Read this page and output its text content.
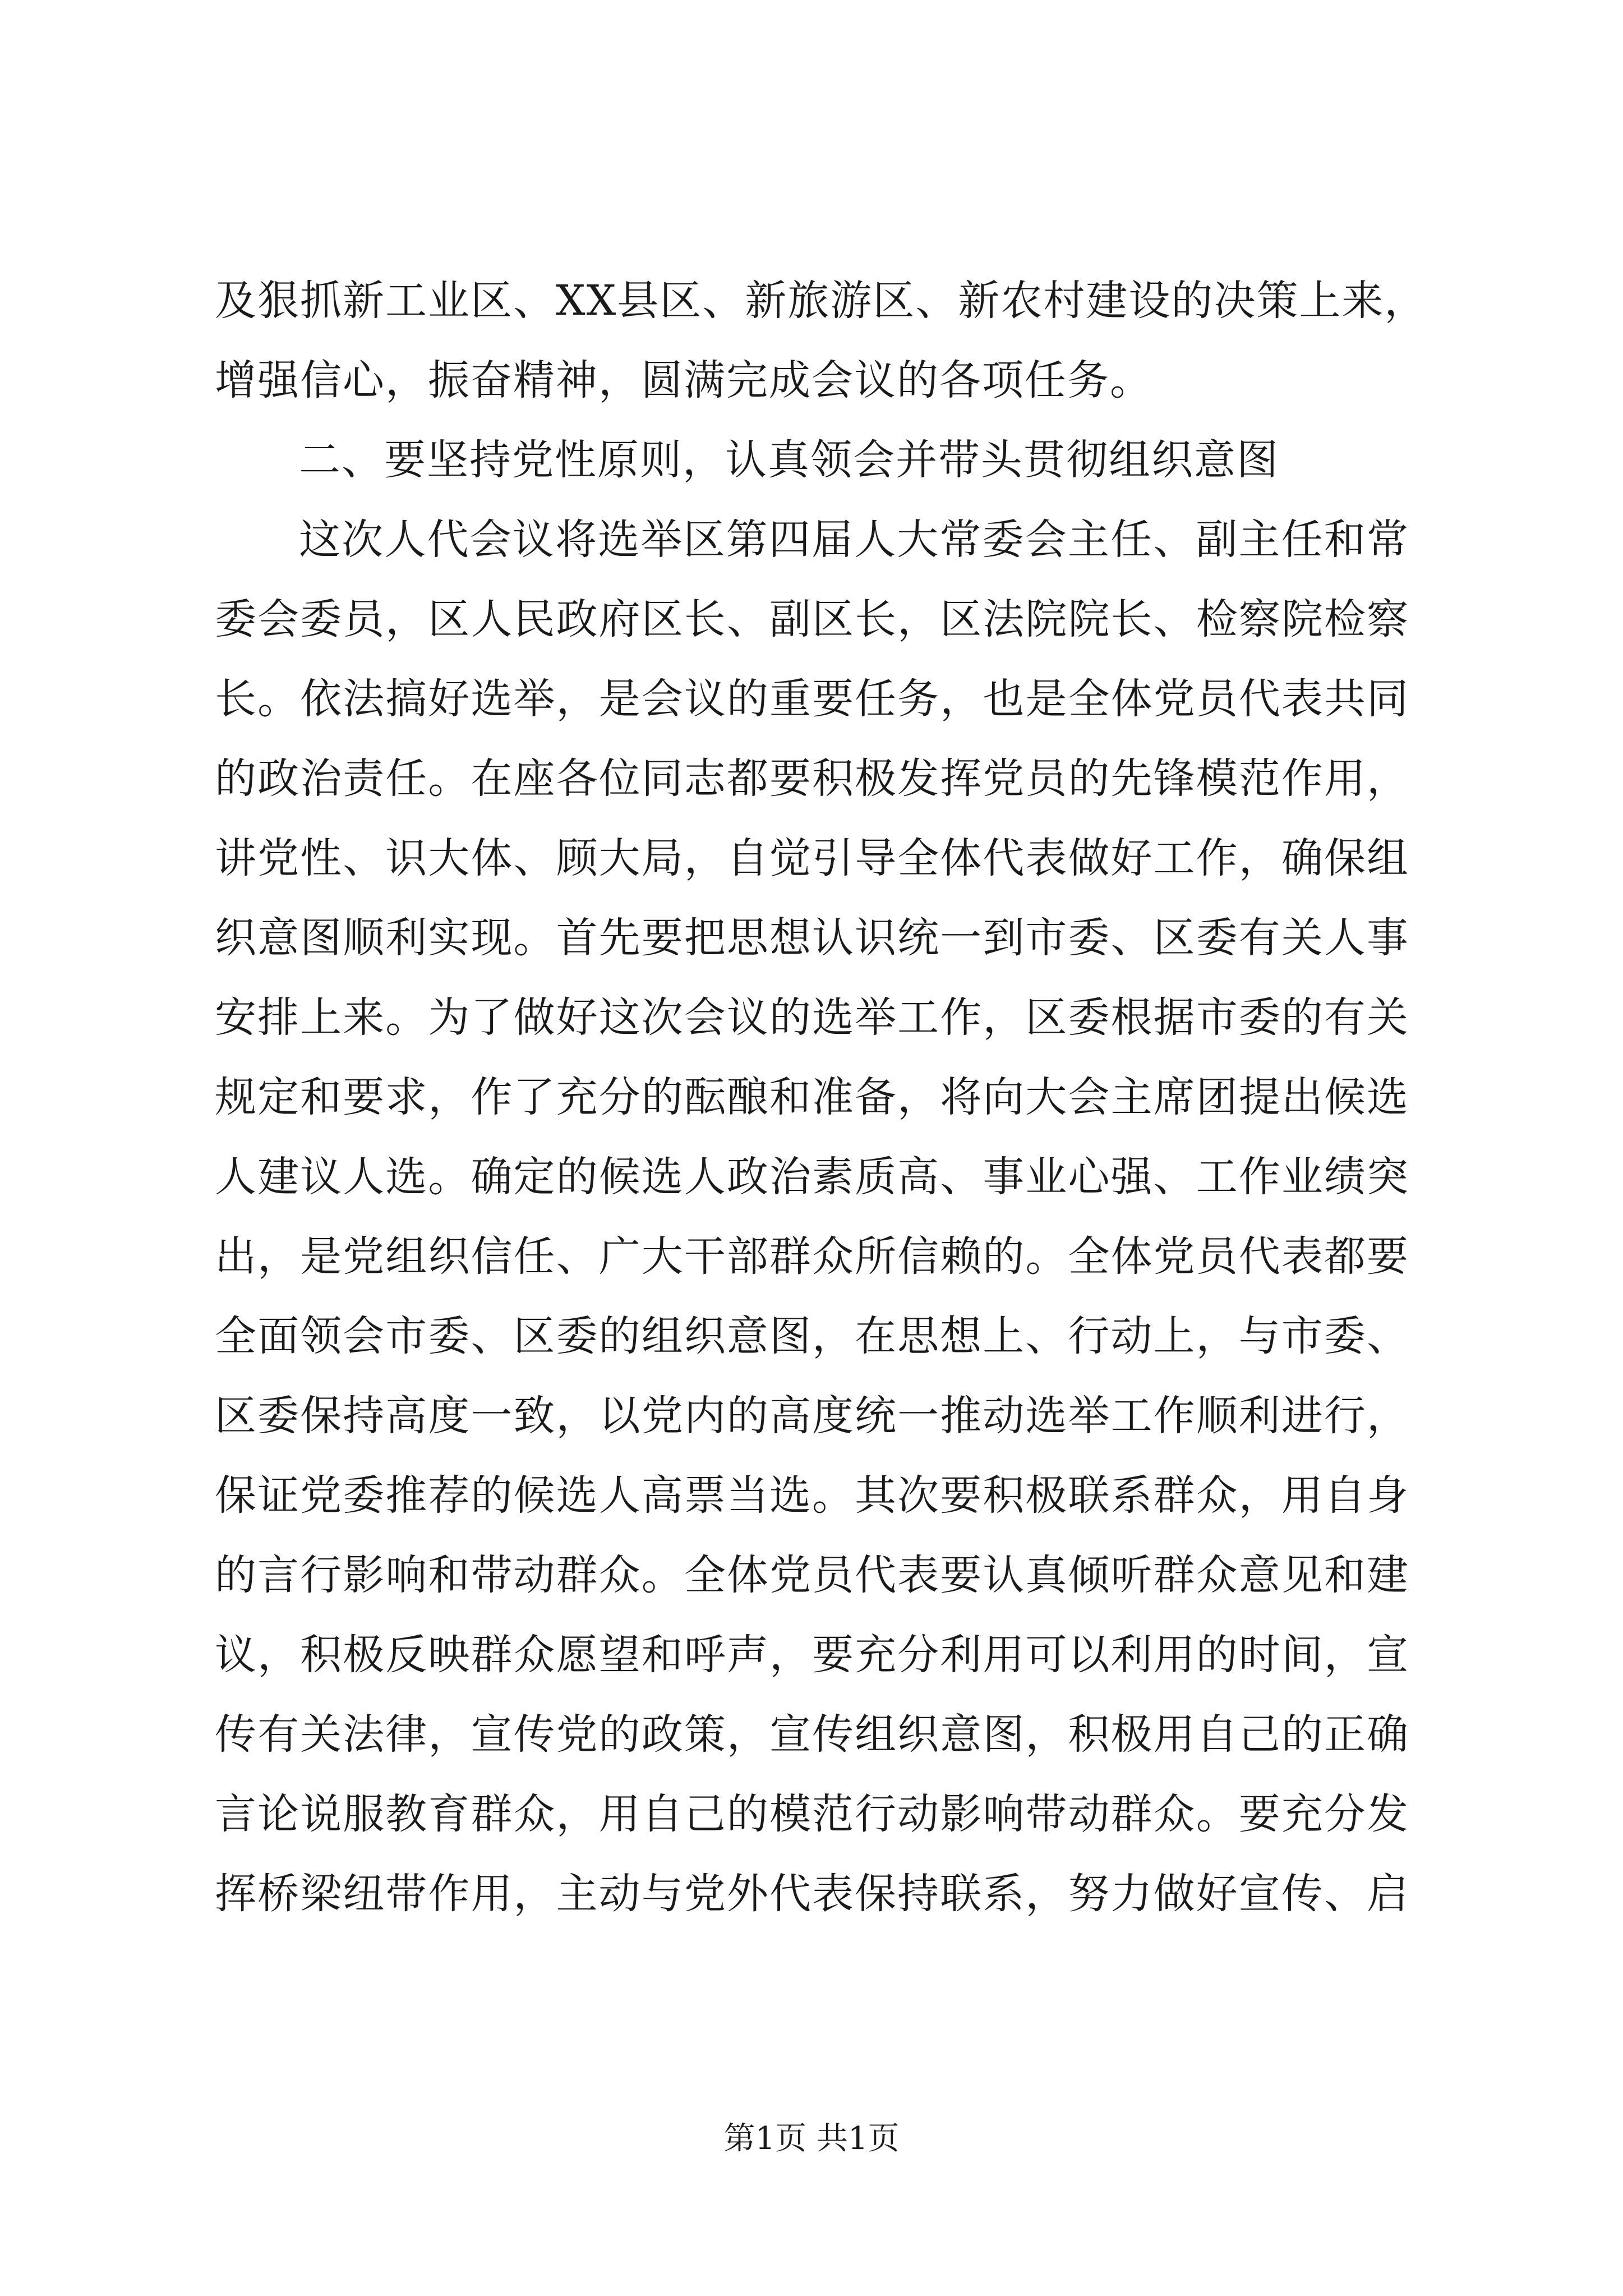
及狠抓新工业区、XX县区、新旅游区、新农村建设的决策上来，
增强信心，振奋精神，圆满完成会议的各项任务。
二、要坚持党性原则，认真领会并带头贯彻组织意图
这次人代会议将选举区第四届人大常委会主任、副主任和常
委会委员，区人民政府区长、副区长，区法院院长、检察院检察
长。依法搞好选举，是会议的重要任务，也是全体党员代表共同
的政治责任。在座各位同志都要积极发挥党员的先锋模范作用，
讲党性、识大体、顾大局，自觉引导全体代表做好工作，确保组
织意图顺利实现。首先要把思想认识统一到市委、区委有关人事
安排上来。为了做好这次会议的选举工作，区委根据市委的有关
规定和要求，作了充分的酝酿和准备，将向大会主席团提出候选
人建议人选。确定的候选人政治素质高、事业心强、工作业绩突
出，是党组织信任、广大干部群众所信赖的。全体党员代表都要
全面领会市委、区委的组织意图，在思想上、行动上，与市委、
区委保持高度一致，以党内的高度统一推动选举工作顺利进行，
保证党委推荐的候选人高票当选。其次要积极联系群众，用自身
的言行影响和带动群众。全体党员代表要认真倾听群众意见和建
议，积极反映群众愿望和呼声，要充分利用可以利用的时间，宣
传有关法律，宣传党的政策，宣传组织意图，积极用自己的正确
言论说服教育群众，用自己的模范行动影响带动群众。要充分发
挥桥梁纽带作用，主动与党外代表保持联系，努力做好宣传、启
第1页 共1页
